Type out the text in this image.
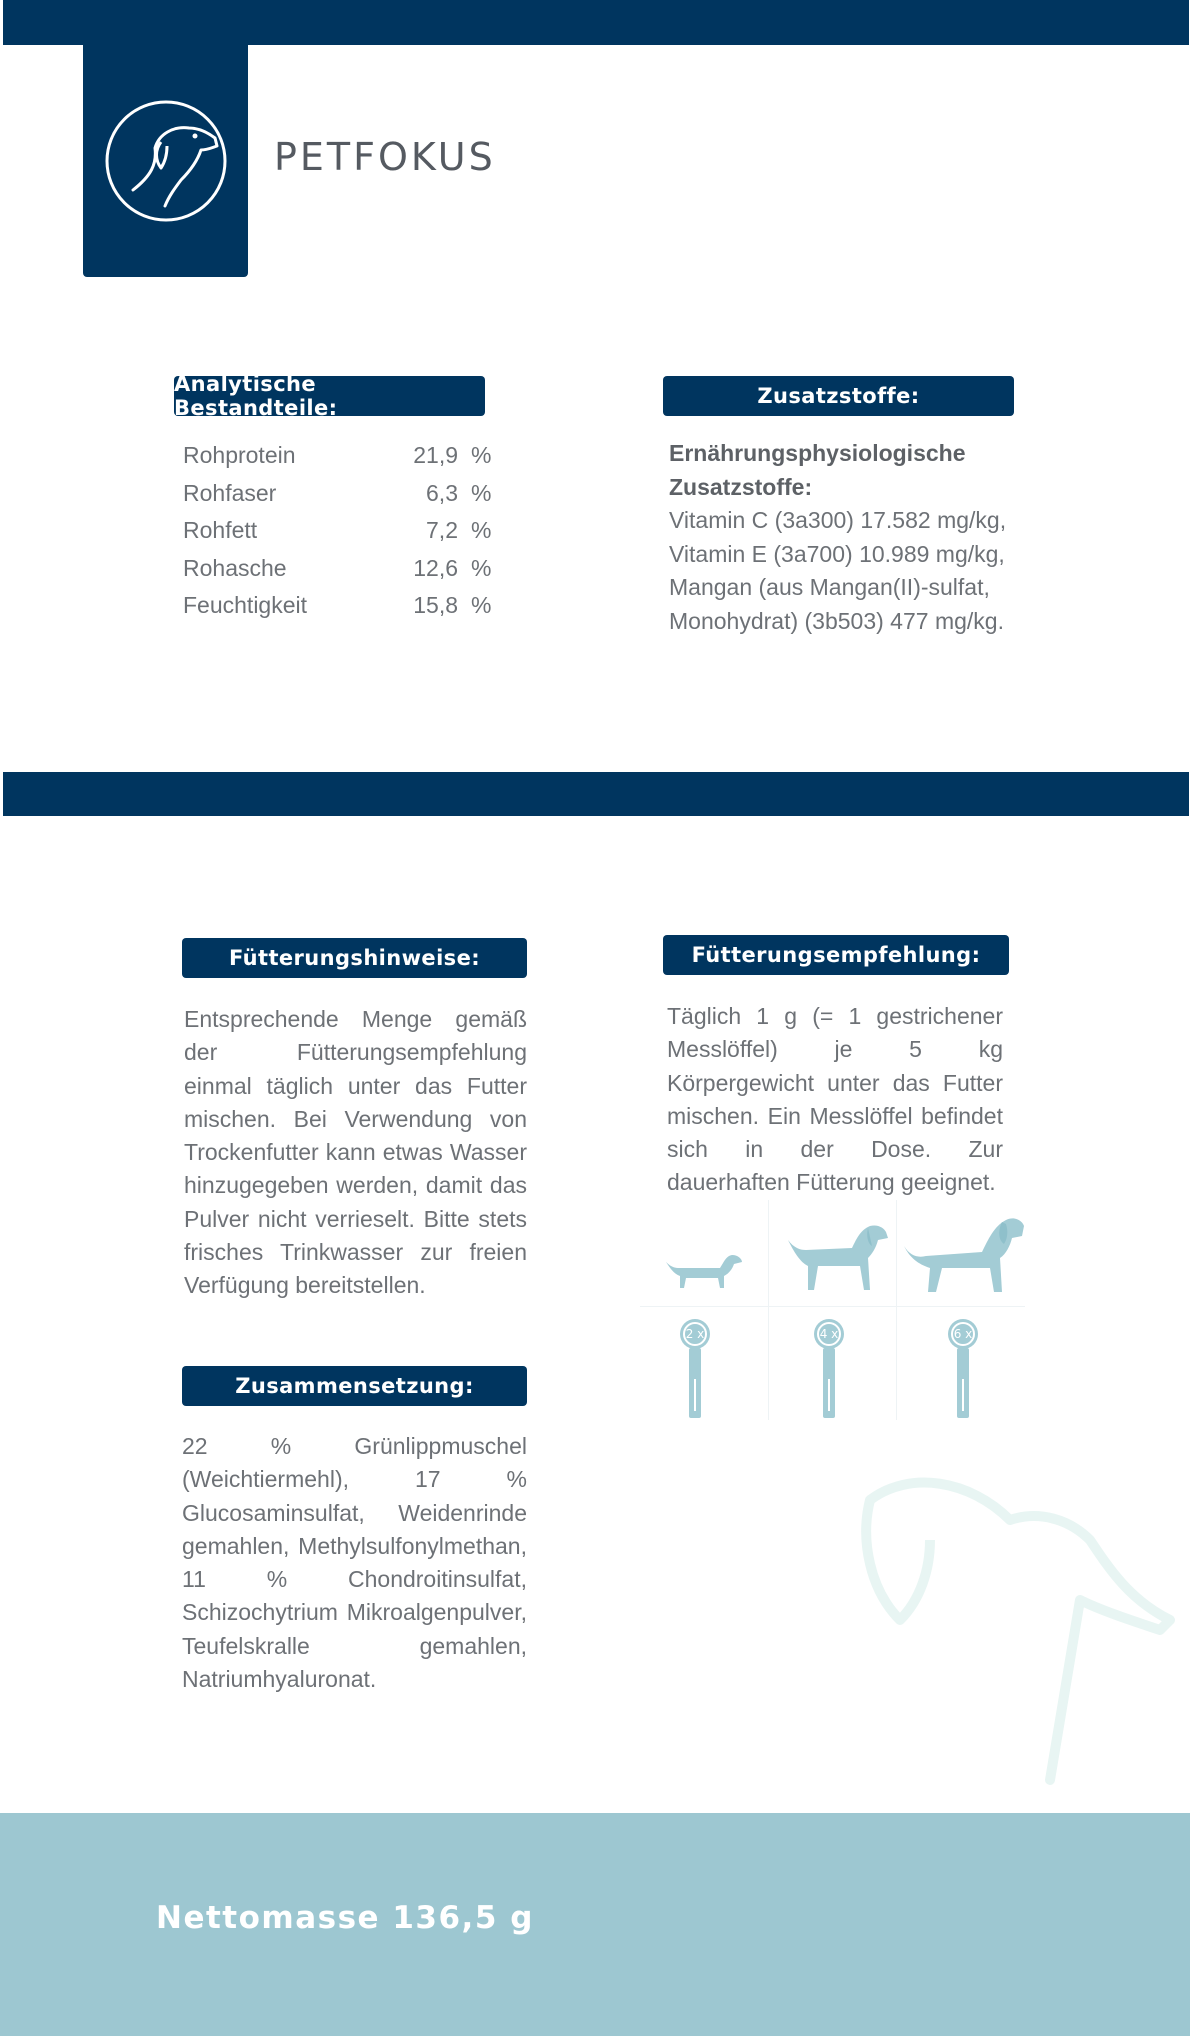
PETFOKUS
Analytische Bestandteile:
Rohprotein	21,9 %
Rohfaser	6,3 %
Rohfett	7,2 %
Rohasche	12,6 %
Feuchtigkeit	15,8 %
Zusatzstoffe:
Ernährungsphysiologische Zusatzstoffe:
Vitamin C (3a300) 17.582 mg/kg, Vitamin E (3a700) 10.989 mg/kg, Mangan (aus Mangan(II)-sulfat, Monohydrat) (3b503) 477 mg/kg.
Fütterungshinweise:
Entsprechende Menge gemäß der Fütterungsempfehlung einmal täglich unter das Futter mischen. Bei Verwendung von Trockenfutter kann etwas Wasser hinzugegeben werden, damit das Pulver nicht verrieselt. Bitte stets frisches Trinkwasser zur freien Verfügung bereitstellen.
Fütterungsempfehlung:
Täglich 1 g (= 1 gestrichener Messlöffel) je 5 kg Körpergewicht unter das Futter mischen. Ein Messlöffel befindet sich in der Dose. Zur dauerhaften Fütterung geeignet.
2 x	4 x	6 x
Zusammensetzung:
22 % Grünlippmuschel (Weichtiermehl), 17 % Glucosaminsulfat, Weidenrinde gemahlen, Methylsulfonylmethan, 11 % Chondroitinsulfat, Schizochytrium Mikroalgenpulver, Teufelskralle gemahlen, Natriumhyaluronat.
Nettomasse 136,5 g
